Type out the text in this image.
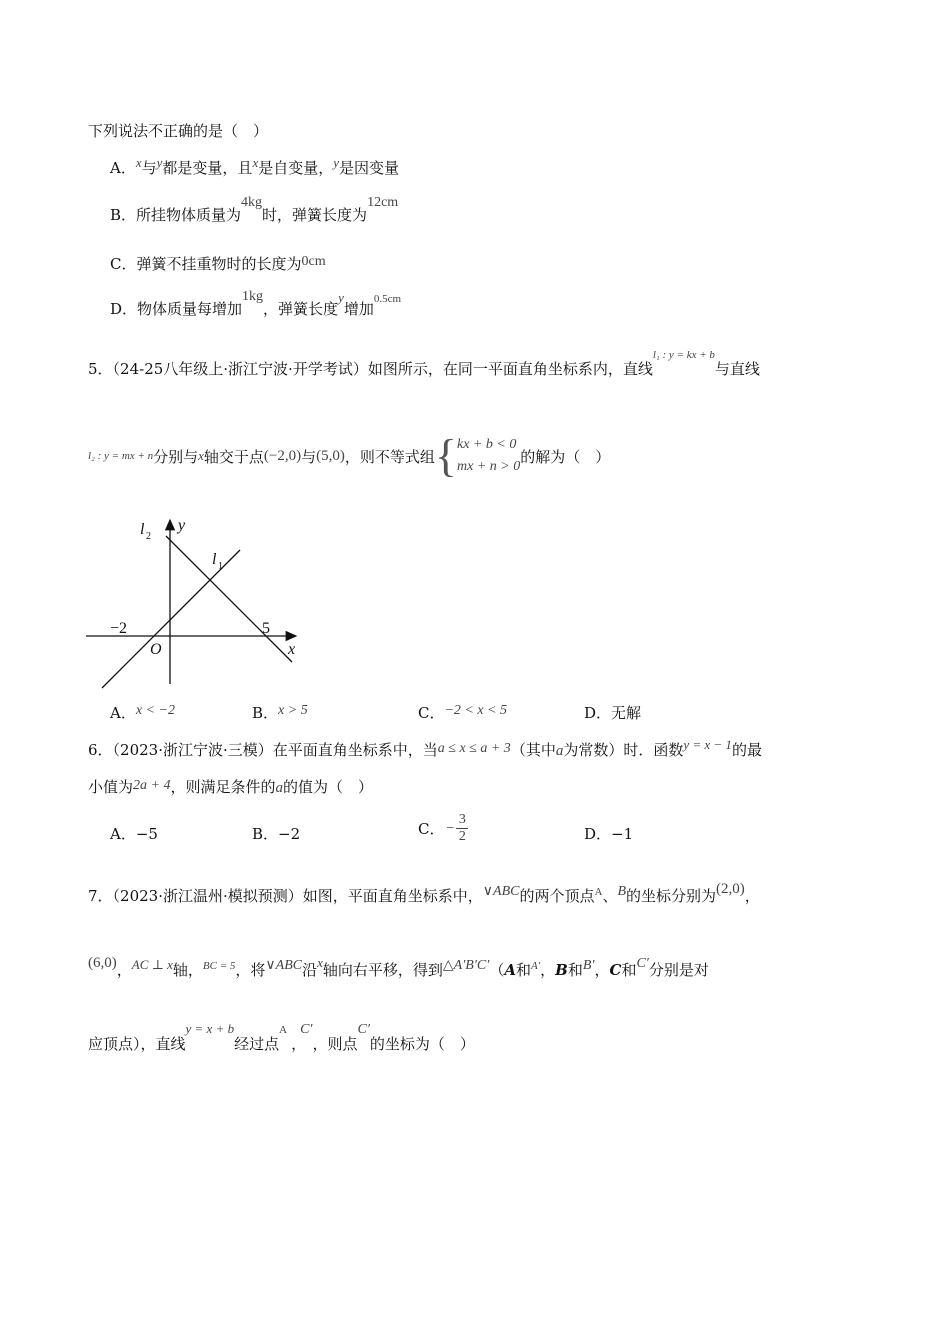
下列说法不正确的是（　）
A．x与y都是变量，且x是自变量，y是因变量
B．所挂物体质量为4kg时，弹簧长度为12cm
C．弹簧不挂重物时的长度为0cm
D．物体质量每增加1kg，弹簧长度y增加$^{0.5cm}$
5．（24-25八年级上·浙江宁波·开学考试）如图所示，在同一平面直角坐标系内，直线$^{l_1 : y = kx + b}$与直线
l₂ : y = mx + n 分别与 x 轴交于点 (−2,0) 与 (5,0) ，则不等式组 { kx + b < 0
mx + n > 0
的解为（　）
y
x
O
−2	5
l 2
l 1
A．x < −2	B．x > 5	C．−2 < x < 5	D．无解
6．（2023·浙江宁波·三模）在平面直角坐标系中，当a ≤ x ≤ a + 3（其中a为常数）时．函数y = x − 1的最
小值为2a + 4，则满足条件的a的值为（　）
A．−5	B．−2	C． −
3
2	D．−1
7．（2023·浙江温州·模拟预测）如图，平面直角坐标系中，∨ABC的两个顶点$^A$、B的坐标分别为(2,0)，
(6,0)，AC ⊥ x轴，$^{BC = 5}$，将∨ABC沿x轴向右平移，得到△A′B′C′（A和$^{A'}$，B和B′，C和C′分别是对
应顶点），直线y = x + b经过点$^A$，C′，则点C′的坐标为（　）
